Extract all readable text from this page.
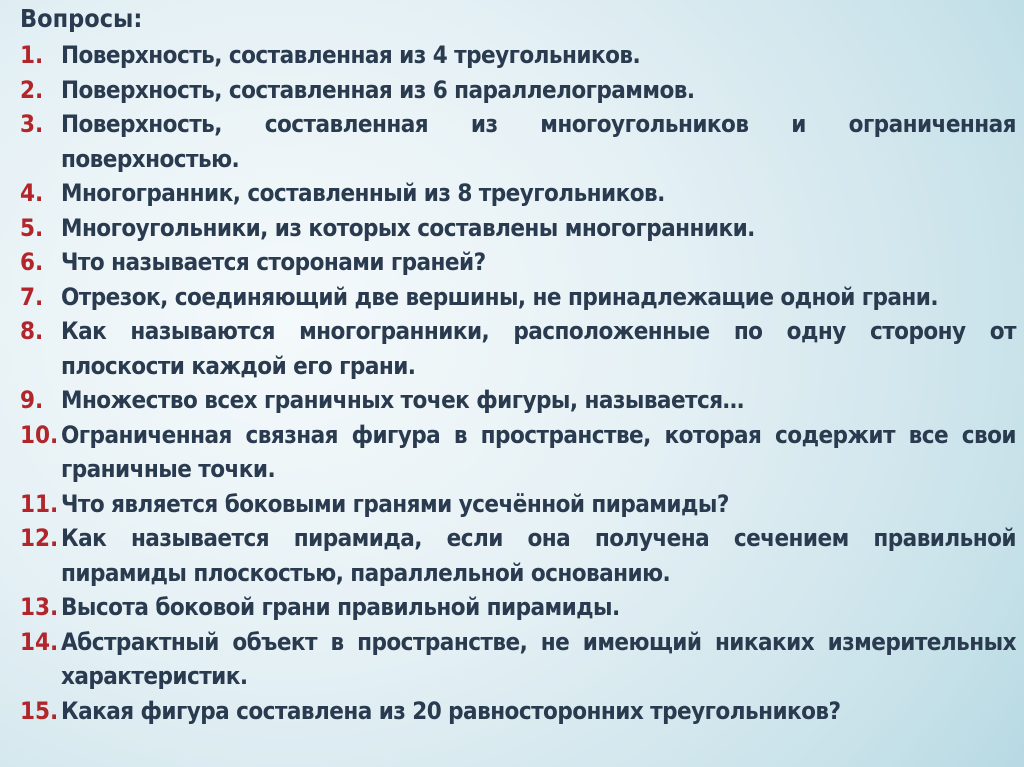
Вопросы:
1. Поверхность, составленная из 4 треугольников.
2. Поверхность, составленная из 6 параллелограммов.
3. Поверхность, составленная из многоугольников и ограниченная поверхностью.
4. Многогранник, составленный из 8 треугольников.
5. Многоугольники, из которых составлены многогранники.
6. Что называется сторонами граней?
7. Отрезок, соединяющий две вершины, не принадлежащие одной грани.
8. Как называются многогранники, расположенные по одну сторону от плоскости каждой его грани.
9. Множество всех граничных точек фигуры, называется…
10. Ограниченная связная фигура в пространстве, которая содержит все свои граничные точки.
11. Что является боковыми гранями усечённой пирамиды?
12. Как называется пирамида, если она получена сечением правильной пирамиды плоскостью, параллельной основанию.
13. Высота боковой грани правильной пирамиды.
14. Абстрактный объект в пространстве, не имеющий никаких измерительных характеристик.
15. Какая фигура составлена из 20 равносторонних треугольников?
